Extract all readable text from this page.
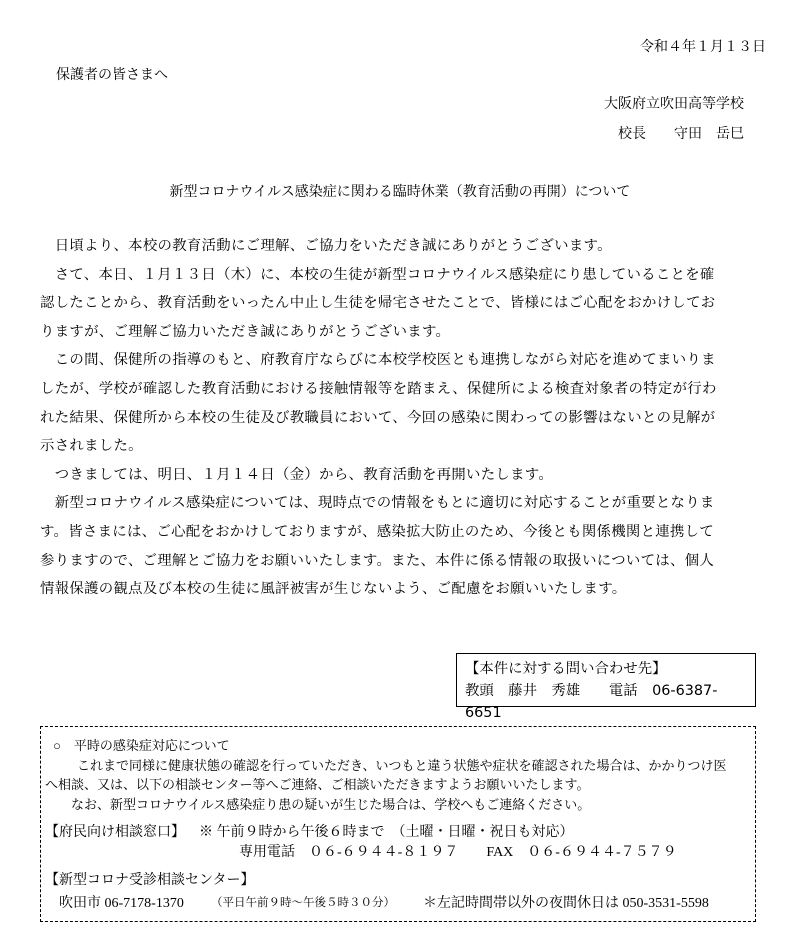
令和４年１月１３日
保護者の皆さまへ
大阪府立吹田高等学校
校長　　守田　岳巳
新型コロナウイルス感染症に関わる臨時休業（教育活動の再開）について
　日頃より、本校の教育活動にご理解、ご協力をいただき誠にありがとうございます。
　さて、本日、１月１３日（木）に、本校の生徒が新型コロナウイルス感染症にり患していることを確
認したことから、教育活動をいったん中止し生徒を帰宅させたことで、皆様にはご心配をおかけしてお
りますが、ご理解ご協力いただき誠にありがとうございます。
　この間、保健所の指導のもと、府教育庁ならびに本校学校医とも連携しながら対応を進めてまいりま
したが、学校が確認した教育活動における接触情報等を踏まえ、保健所による検査対象者の特定が行わ
れた結果、保健所から本校の生徒及び教職員において、今回の感染に関わっての影響はないとの見解が
示されました。
　つきましては、明日、１月１４日（金）から、教育活動を再開いたします。
　新型コロナウイルス感染症については、現時点での情報をもとに適切に対応することが重要となりま
す。皆さまには、ご心配をおかけしておりますが、感染拡大防止のため、今後とも関係機関と連携して
参りますので、ご理解とご協力をお願いいたします。また、本件に係る情報の取扱いについては、個人
情報保護の観点及び本校の生徒に風評被害が生じないよう、ご配慮をお願いいたします。
【本件に対する問い合わせ先】
教頭　藤井　秀雄　　電話　06-6387-6651
○　平時の感染症対応について
これまで同様に健康状態の確認を行っていただき、いつもと違う状態や症状を確認された場合は、かかりつけ医
へ相談、又は、以下の相談センター等へご連絡、ご相談いただきますようお願いいたします。
なお、新型コロナウイルス感染症り患の疑いが生じた場合は、学校へもご連絡ください。
【府民向け相談窓口】 ※ 午前９時から午後６時まで　（土曜・日曜・祝日も対応）
専用電話　０６-６９４４-８１９７　　FAX　０６-６９４４-７５７９
【新型コロナ受診相談センター】
吹田市 06-7178-1370 （平日午前９時～午後５時３０分） ＊左記時間帯以外の夜間休日は 050-3531-5598
